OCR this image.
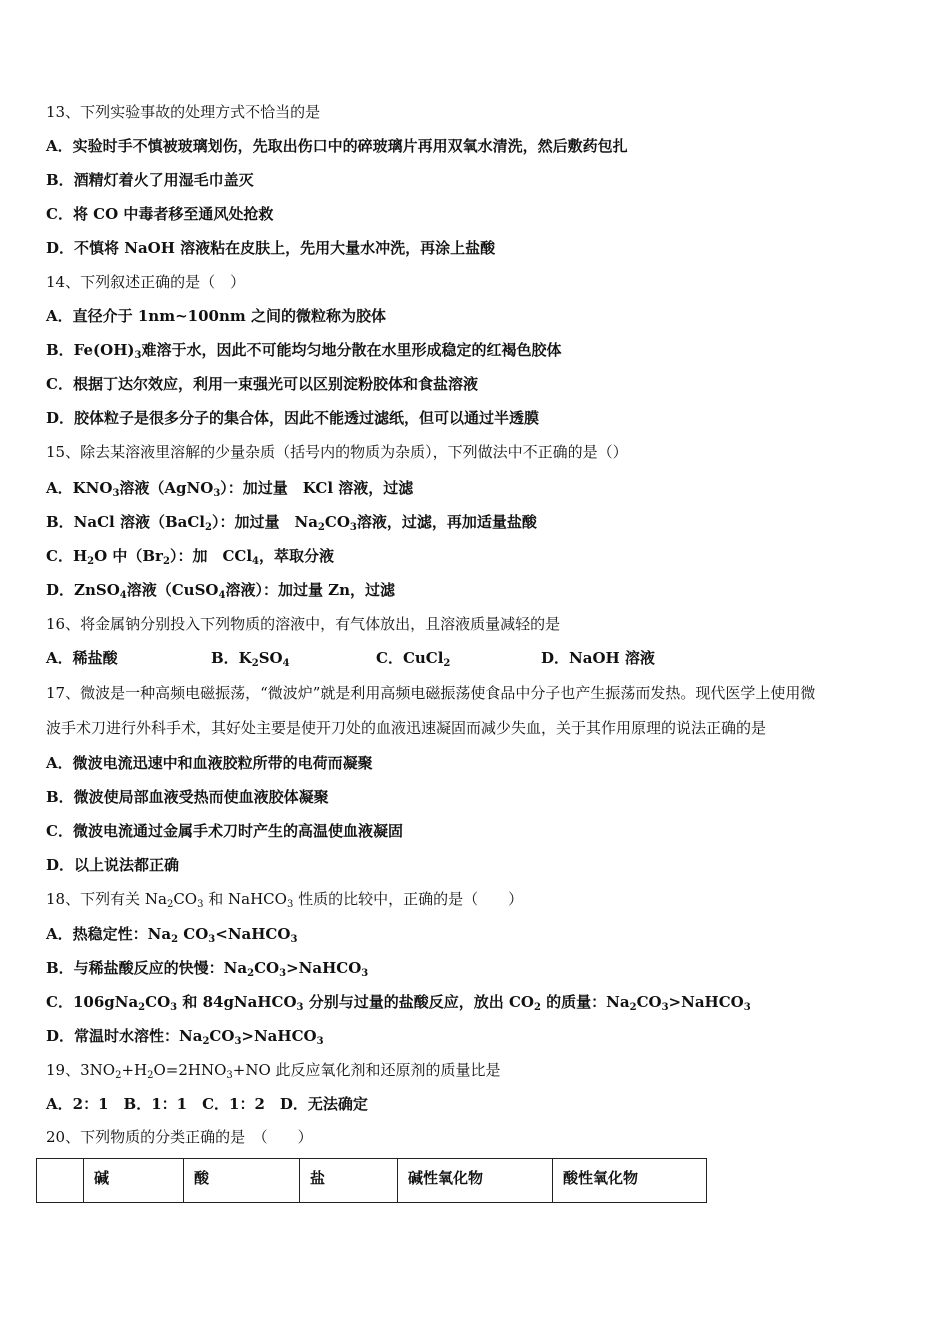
13、下列实验事故的处理方式不恰当的是
A．实验时手不慎被玻璃划伤，先取出伤口中的碎玻璃片再用双氧水清洗，然后敷药包扎
B．酒精灯着火了用湿毛巾盖灭
C．将 CO 中毒者移至通风处抢救
D．不慎将 NaOH 溶液粘在皮肤上，先用大量水冲洗，再涂上盐酸
14、下列叙述正确的是（　）
A．直径介于 1nm~100nm 之间的微粒称为胶体
B．$Fe(OH)_3$难溶于水，因此不可能均匀地分散在水里形成稳定的红褐色胶体
C．根据丁达尔效应，利用一束强光可以区别淀粉胶体和食盐溶液
D．胶体粒子是很多分子的集合体，因此不能透过滤纸，但可以通过半透膜
15、除去某溶液里溶解的少量杂质（括号内的物质为杂质），下列做法中不正确的是（）
A．$KNO_3$溶液（AgNO$_3$）：加过量　KCl 溶液，过滤
B．NaCl 溶液（BaCl$_2$）：加过量　$Na_2CO_3$溶液，过滤，再加适量盐酸
C．$H_2O$ 中$(Br_2)$：加　CCl$_4$，萃取分液
D．ZnSO$_4$溶液（CuSO$_4$溶液）：加过量 Zn，过滤
16、将金属钠分别投入下列物质的溶液中，有气体放出，且溶液质量减轻的是
A．稀盐酸	B．$K_2SO_4$	C．CuCl$_2$	D．NaOH 溶液
17、微波是一种高频电磁振荡，“微波炉”就是利用高频电磁振荡使食品中分子也产生振荡而发热。现代医学上使用微
波手术刀进行外科手术，其好处主要是使开刀处的血液迅速凝固而减少失血，关于其作用原理的说法正确的是
A．微波电流迅速中和血液胶粒所带的电荷而凝聚
B．微波使局部血液受热而使血液胶体凝聚
C．微波电流通过金属手术刀时产生的高温使血液凝固
D．以上说法都正确
18、下列有关 $Na_2CO_3$ 和 NaHCO$_3$ 性质的比较中，正确的是（　　）
A．热稳定性：$Na_2$ $CO_3<NaHCO_3$
B．与稀盐酸反应的快慢：$Na_2CO_3>NaHCO_3$
C．$106gNa_2CO_3$ 和 84gNaHCO$_3$ 分别与过量的盐酸反应，放出 $CO_2$ 的质量：$Na_2CO_3>NaHCO_3$
D．常温时水溶性：$Na_2CO_3>NaHCO_3$
19、$3NO_2+H_2O=2HNO_3+NO$ 此反应氧化剂和还原剂的质量比是
A．2：1　B．1：1　C．1：2　D．无法确定
20、下列物质的分类正确的是　（　　）
	碱	酸	盐	碱性氧化物	酸性氧化物
